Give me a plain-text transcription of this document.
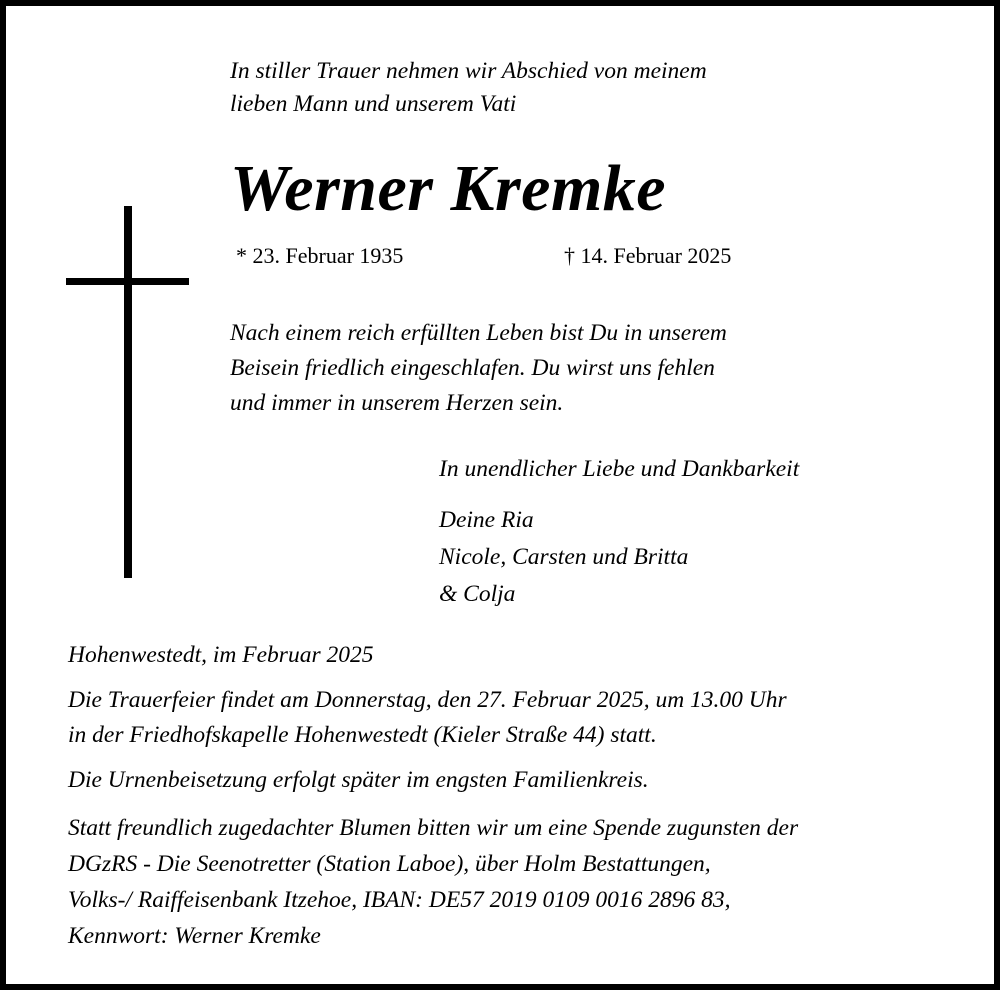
In stiller Trauer nehmen wir Abschied von meinem
lieben Mann und unserem Vati
Werner Kremke
* 23. Februar 1935	† 14. Februar 2025
Nach einem reich erfüllten Leben bist Du in unserem
Beisein friedlich eingeschlafen. Du wirst uns fehlen
und immer in unserem Herzen sein.
In unendlicher Liebe und Dankbarkeit
Deine Ria
Nicole, Carsten und Britta
& Colja
Hohenwestedt, im Februar 2025
Die Trauerfeier findet am Donnerstag, den 27. Februar 2025, um 13.00 Uhr
in der Friedhofskapelle Hohenwestedt (Kieler Straße 44) statt.
Die Urnenbeisetzung erfolgt später im engsten Familienkreis.
Statt freundlich zugedachter Blumen bitten wir um eine Spende zugunsten der
DGzRS - Die Seenotretter (Station Laboe), über Holm Bestattungen,
Volks-/ Raiffeisenbank Itzehoe, IBAN: DE57 2019 0109 0016 2896 83,
Kennwort: Werner Kremke
